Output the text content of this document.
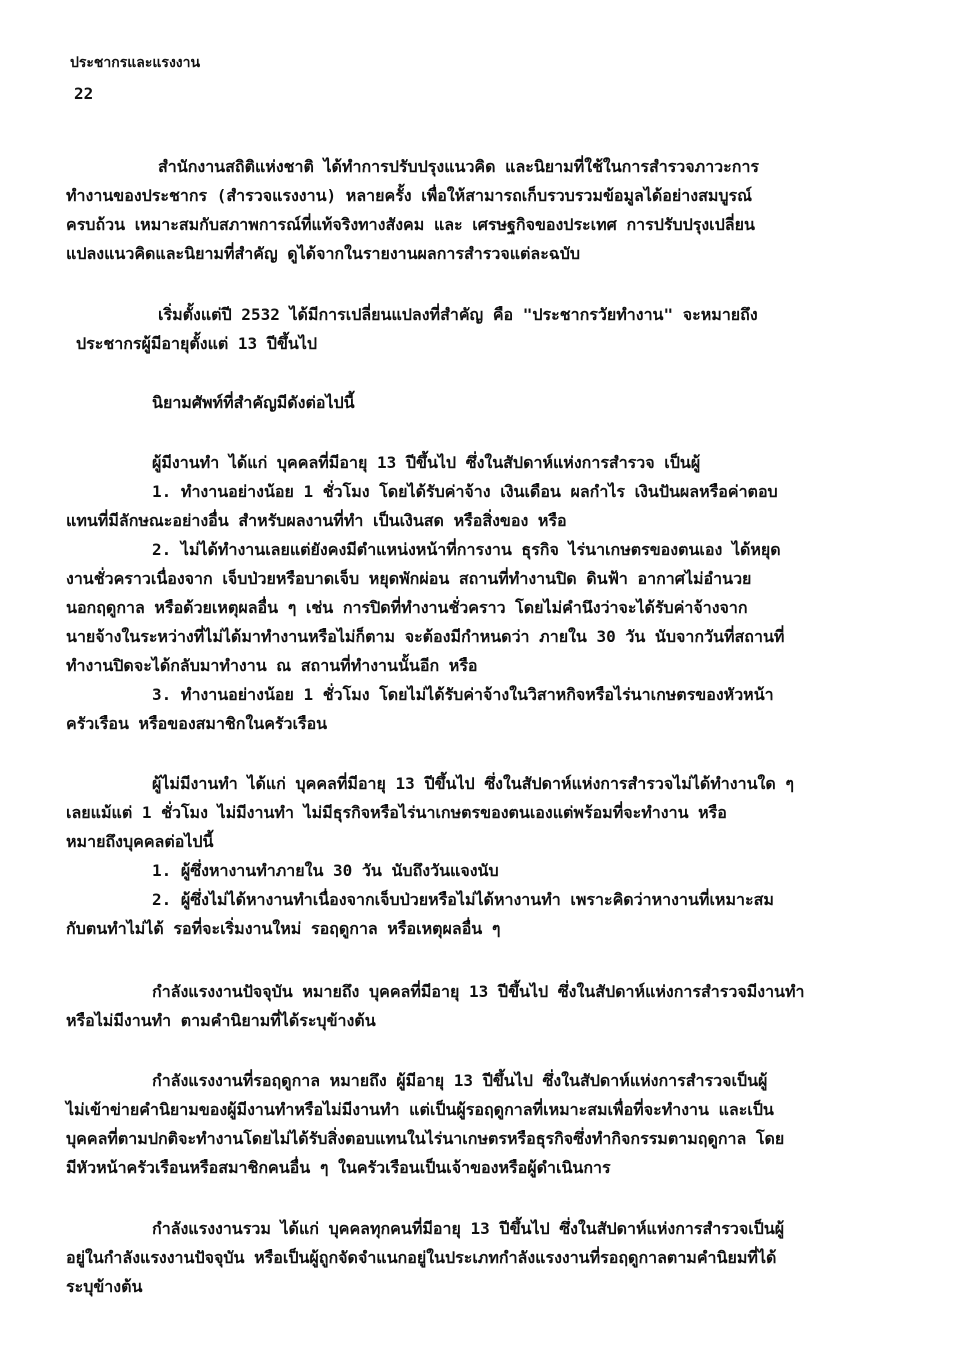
ประชากรและแรงงาน
22
สำนักงานสถิติแห่งชาติ ได้ทำการปรับปรุงแนวคิด และนิยามที่ใช้ในการสำรวจภาวะการ
ทำงานของประชากร (สำรวจแรงงาน) หลายครั้ง เพื่อให้สามารถเก็บรวบรวมข้อมูลได้อย่างสมบูรณ์
ครบถ้วน เหมาะสมกับสภาพการณ์ที่แท้จริงทางสังคม และ เศรษฐกิจของประเทศ การปรับปรุงเปลี่ยน
แปลงแนวคิดและนิยามที่สำคัญ ดูได้จากในรายงานผลการสำรวจแต่ละฉบับ
เริ่มตั้งแต่ปี 2532 ได้มีการเปลี่ยนแปลงที่สำคัญ คือ "ประชากรวัยทำงาน" จะหมายถึง
ประชากรผู้มีอายุตั้งแต่ 13 ปีขึ้นไป
นิยามศัพท์ที่สำคัญมีดังต่อไปนี้
ผู้มีงานทำ ได้แก่ บุคคลที่มีอายุ 13 ปีขึ้นไป ซึ่งในสัปดาห์แห่งการสำรวจ เป็นผู้
1. ทำงานอย่างน้อย 1 ชั่วโมง โดยได้รับค่าจ้าง เงินเดือน ผลกำไร เงินปันผลหรือค่าตอบ
แทนที่มีลักษณะอย่างอื่น สำหรับผลงานที่ทำ เป็นเงินสด หรือสิ่งของ หรือ
2. ไม่ได้ทำงานเลยแต่ยังคงมีตำแหน่งหน้าที่การงาน ธุรกิจ ไร่นาเกษตรของตนเอง ได้หยุด
งานชั่วคราวเนื่องจาก เจ็บป่วยหรือบาดเจ็บ หยุดพักผ่อน สถานที่ทำงานปิด ดินฟ้า อากาศไม่อำนวย
นอกฤดูกาล หรือด้วยเหตุผลอื่น ๆ เช่น การปิดที่ทำงานชั่วคราว โดยไม่คำนึงว่าจะได้รับค่าจ้างจาก
นายจ้างในระหว่างที่ไม่ได้มาทำงานหรือไม่ก็ตาม จะต้องมีกำหนดว่า ภายใน 30 วัน นับจากวันที่สถานที่
ทำงานปิดจะได้กลับมาทำงาน ณ สถานที่ทำงานนั้นอีก หรือ
3. ทำงานอย่างน้อย 1 ชั่วโมง โดยไม่ได้รับค่าจ้างในวิสาหกิจหรือไร่นาเกษตรของหัวหน้า
ครัวเรือน หรือของสมาชิกในครัวเรือน
ผู้ไม่มีงานทำ ได้แก่ บุคคลที่มีอายุ 13 ปีขึ้นไป ซึ่งในสัปดาห์แห่งการสำรวจไม่ได้ทำงานใด ๆ
เลยแม้แต่ 1 ชั่วโมง ไม่มีงานทำ ไม่มีธุรกิจหรือไร่นาเกษตรของตนเองแต่พร้อมที่จะทำงาน หรือ
หมายถึงบุคคลต่อไปนี้
1. ผู้ซึ่งหางานทำภายใน 30 วัน นับถึงวันแจงนับ
2. ผู้ซึ่งไม่ได้หางานทำเนื่องจากเจ็บป่วยหรือไม่ได้หางานทำ เพราะคิดว่าหางานที่เหมาะสม
กับตนทำไม่ได้ รอที่จะเริ่มงานใหม่ รอฤดูกาล หรือเหตุผลอื่น ๆ
กำลังแรงงานปัจจุบัน หมายถึง บุคคลที่มีอายุ 13 ปีขึ้นไป ซึ่งในสัปดาห์แห่งการสำรวจมีงานทำ
หรือไม่มีงานทำ ตามคำนิยามที่ได้ระบุข้างต้น
กำลังแรงงานที่รอฤดูกาล หมายถึง ผู้มีอายุ 13 ปีขึ้นไป ซึ่งในสัปดาห์แห่งการสำรวจเป็นผู้
ไม่เข้าข่ายคำนิยามของผู้มีงานทำหรือไม่มีงานทำ แต่เป็นผู้รอฤดูกาลที่เหมาะสมเพื่อที่จะทำงาน และเป็น
บุคคลที่ตามปกติจะทำงานโดยไม่ได้รับสิ่งตอบแทนในไร่นาเกษตรหรือธุรกิจซึ่งทำกิจกรรมตามฤดูกาล โดย
มีหัวหน้าครัวเรือนหรือสมาชิกคนอื่น ๆ ในครัวเรือนเป็นเจ้าของหรือผู้ดำเนินการ
กำลังแรงงานรวม ได้แก่ บุคคลทุกคนที่มีอายุ 13 ปีขึ้นไป ซึ่งในสัปดาห์แห่งการสำรวจเป็นผู้
อยู่ในกำลังแรงงานปัจจุบัน หรือเป็นผู้ถูกจัดจำแนกอยู่ในประเภทกำลังแรงงานที่รอฤดูกาลตามคำนิยมที่ได้
ระบุข้างต้น
